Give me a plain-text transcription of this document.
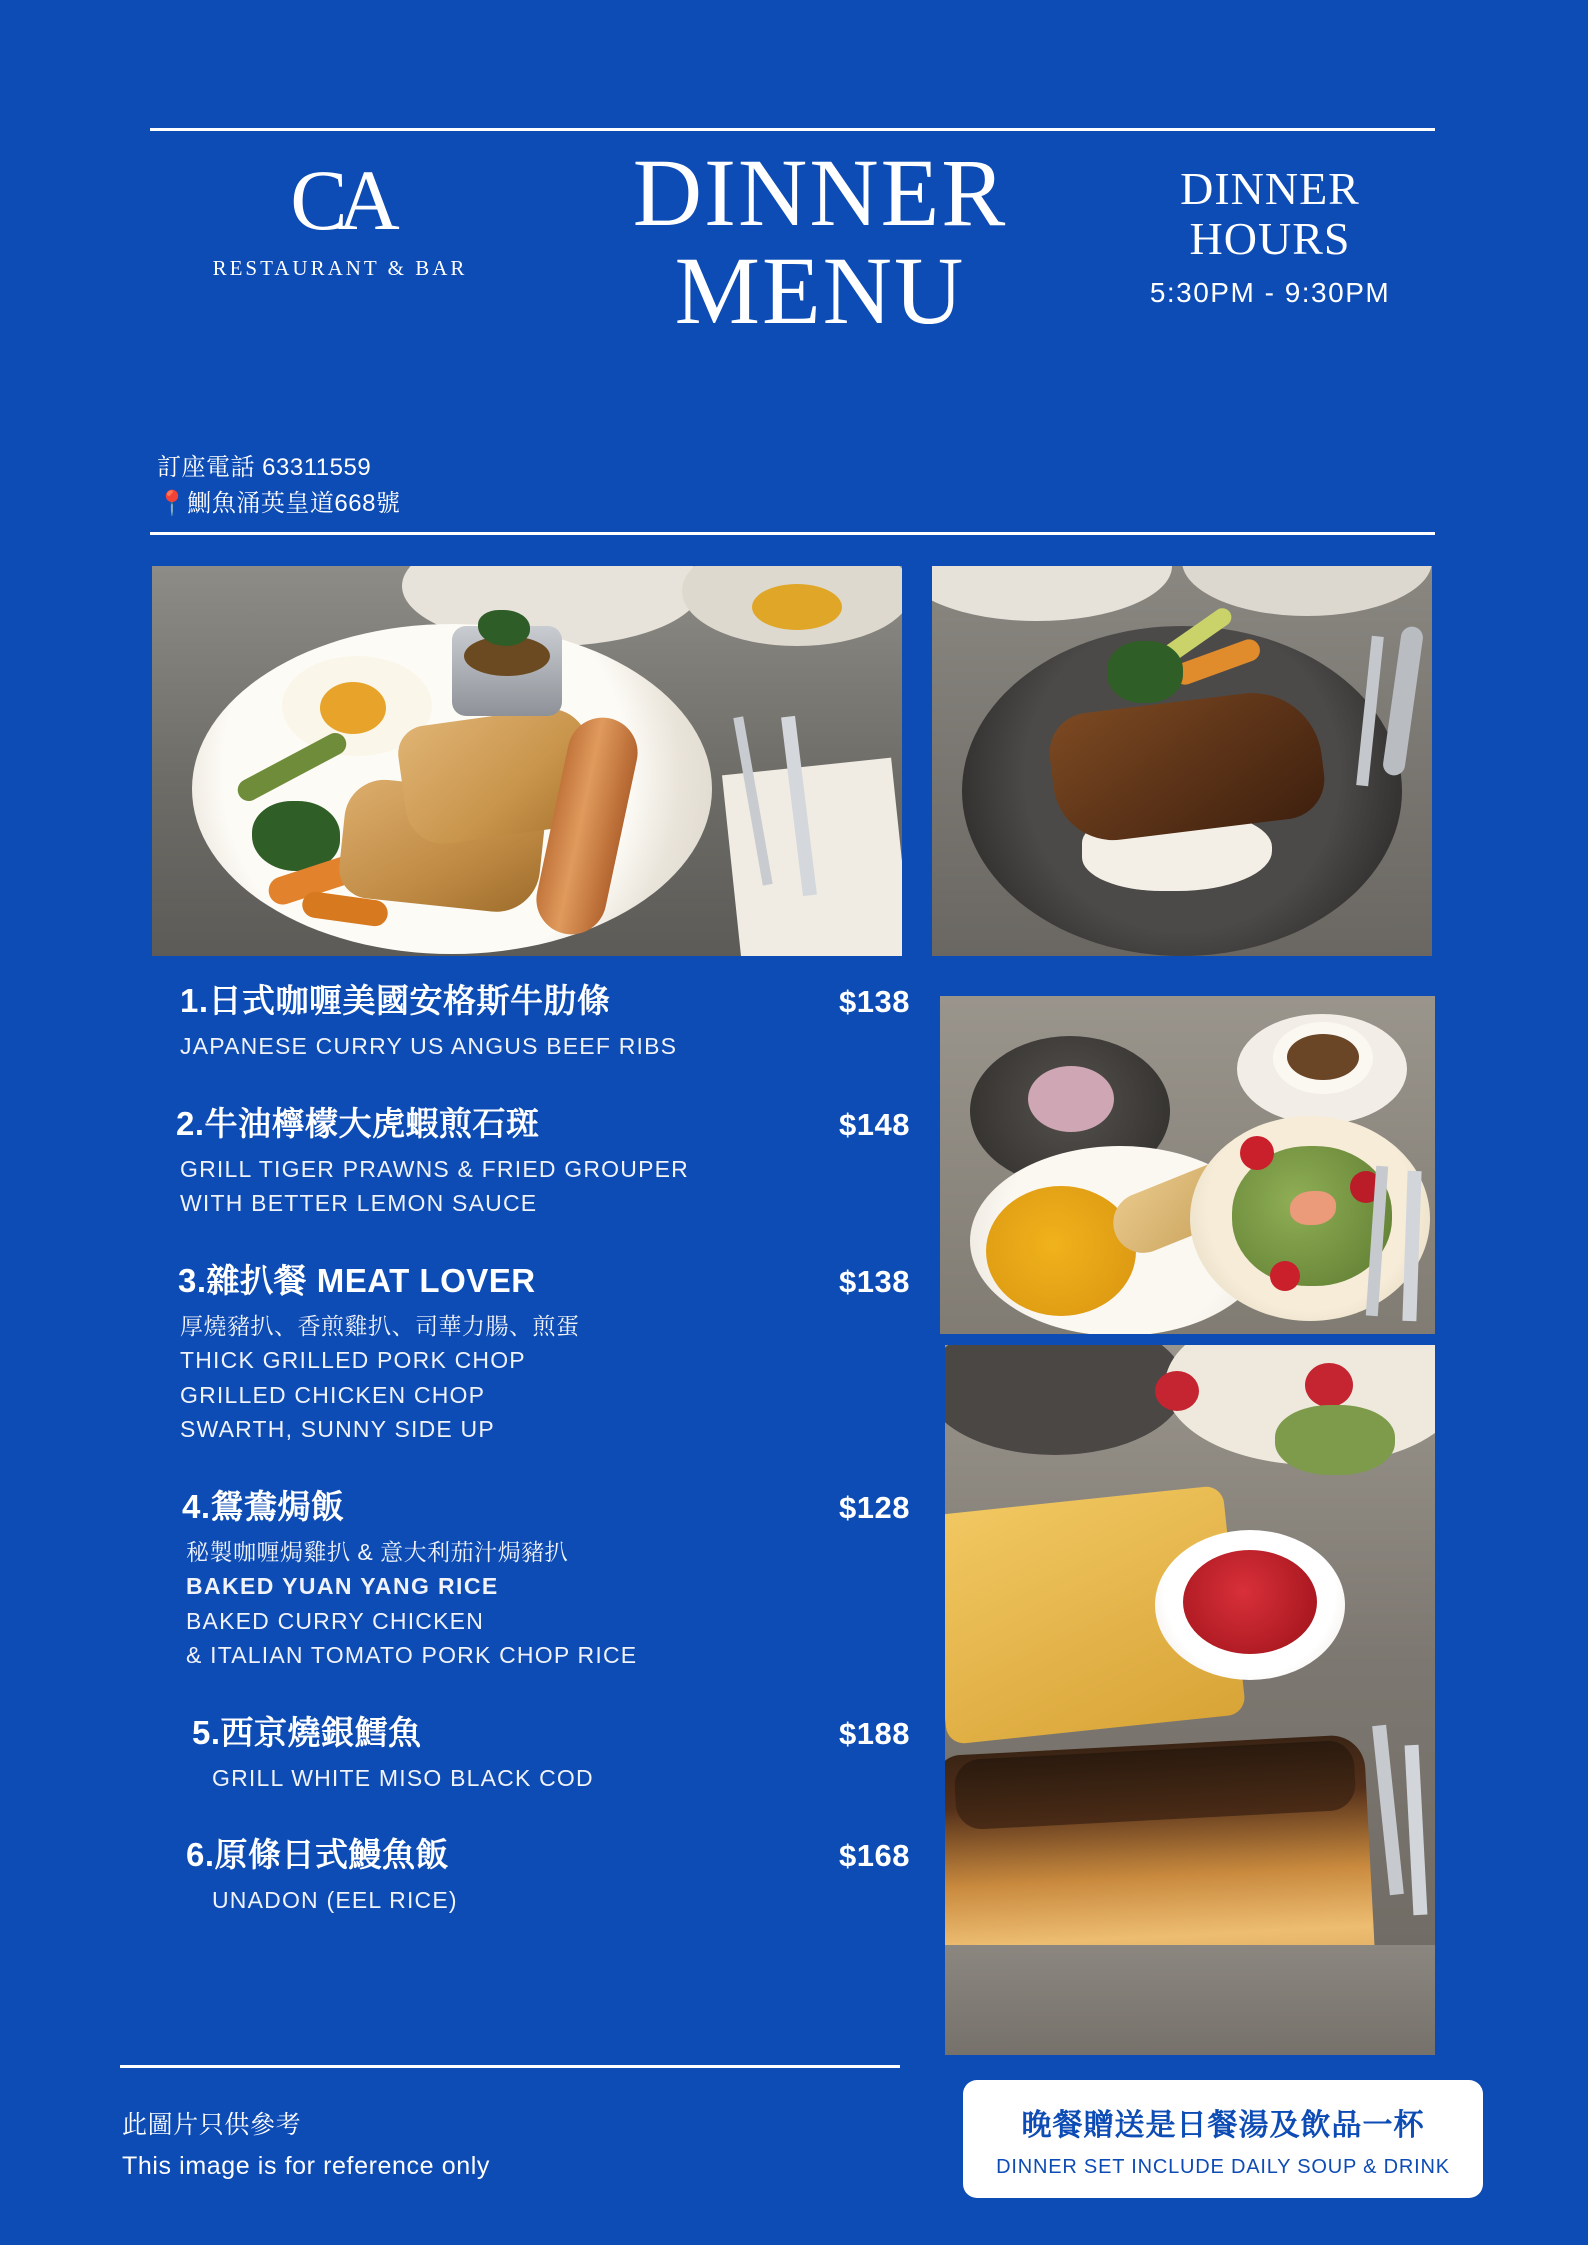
CA
RESTAURANT & BAR
DINNER
MENU
DINNER
HOURS
5:30PM - 9:30PM
訂座電話 63311559
📍鰂魚涌英皇道668號
1.日式咖喱美國安格斯牛肋條	$138
JAPANESE CURRY US ANGUS BEEF RIBS
2.牛油檸檬大虎蝦煎石斑	$148
GRILL TIGER PRAWNS & FRIED GROUPER
WITH BETTER LEMON SAUCE
3.雜扒餐 MEAT LOVER	$138
厚燒豬扒、香煎雞扒、司華力腸、煎蛋
THICK GRILLED PORK CHOP
GRILLED CHICKEN CHOP
SWARTH, SUNNY SIDE UP
4.鴛鴦焗飯	$128
秘製咖喱焗雞扒 & 意大利茄汁焗豬扒
BAKED YUAN YANG RICE
BAKED CURRY CHICKEN
& ITALIAN TOMATO PORK CHOP RICE
5.西京燒銀鱈魚	$188
GRILL WHITE MISO BLACK COD
6.原條日式鰻魚飯	$168
UNADON (EEL RICE)
此圖片只供參考
This image is for reference only
晚餐贈送是日餐湯及飲品一杯
DINNER SET INCLUDE DAILY SOUP & DRINK
